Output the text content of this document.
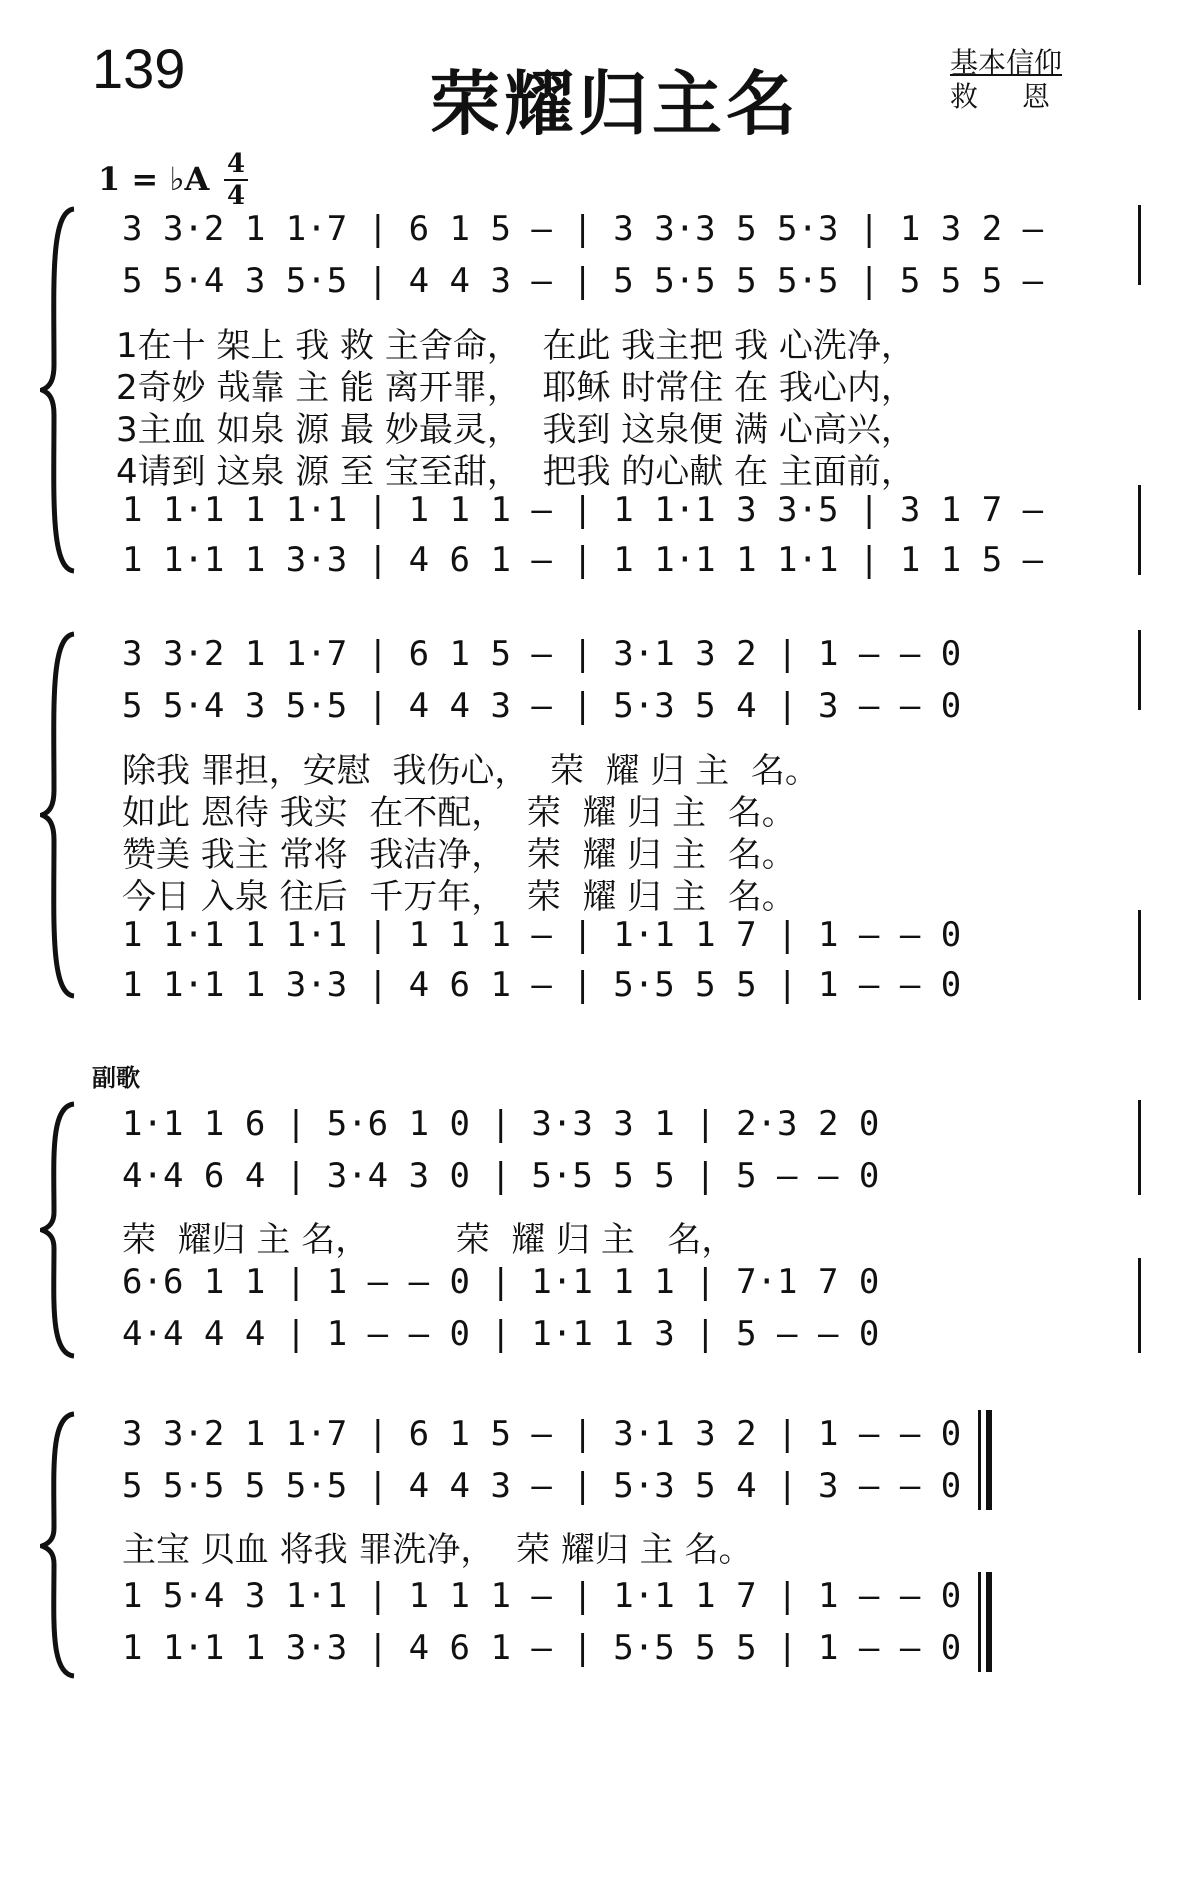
139	荣耀归主名
基本信仰
救恩
1 = ♭A 4
4
3 3·2 1 1·7 | 6 1 5 — | 3 3·3 5 5·3 | 1 3 2 —
5 5·4 3 5·5 | 4 4 3 — | 5 5·5 5 5·5 | 5 5 5 —
1在十 架上 我 救 主舍命，  在此 我主把 我 心洗净，
2奇妙 哉靠 主 能 离开罪，  耶稣 时常住 在 我心内，
3主血 如泉 源 最 妙最灵，  我到 这泉便 满 心高兴，
4请到 这泉 源 至 宝至甜，  把我 的心献 在 主面前，
1 1·1 1 1·1 | 1 1 1 — | 1 1·1 3 3·5 | 3 1 7 —
1 1·1 1 3·3 | 4 6 1 — | 1 1·1 1 1·1 | 1 1 5 —
3 3·2 1 1·7 | 6 1 5 — | 3·1 3 2 | 1 — — 0
5 5·4 3 5·5 | 4 4 3 — | 5·3 5 4 | 3 — — 0
除我 罪担，安慰  我伤心，  荣  耀 归 主  名。
如此 恩待 我实  在不配，  荣  耀 归 主  名。
赞美 我主 常将  我洁净，  荣  耀 归 主  名。
今日 入泉 往后  千万年，  荣  耀 归 主  名。
1 1·1 1 1·1 | 1 1 1 — | 1·1 1 7 | 1 — — 0
1 1·1 1 3·3 | 4 6 1 — | 5·5 5 5 | 1 — — 0
副歌
1·1 1 6 | 5·6 1 0 | 3·3 3 1 | 2·3 2 0
4·4 6 4 | 3·4 3 0 | 5·5 5 5 | 5 — — 0
荣  耀归 主 名，        荣  耀 归 主   名，
6·6 1 1 | 1 — — 0 | 1·1 1 1 | 7·1 7 0
4·4 4 4 | 1 — — 0 | 1·1 1 3 | 5 — — 0
3 3·2 1 1·7 | 6 1 5 — | 3·1 3 2 | 1 — — 0
5 5·5 5 5·5 | 4 4 3 — | 5·3 5 4 | 3 — — 0
主宝 贝血 将我 罪洗净，  荣 耀归 主 名。
1 5·4 3 1·1 | 1 1 1 — | 1·1 1 7 | 1 — — 0
1 1·1 1 3·3 | 4 6 1 — | 5·5 5 5 | 1 — — 0
